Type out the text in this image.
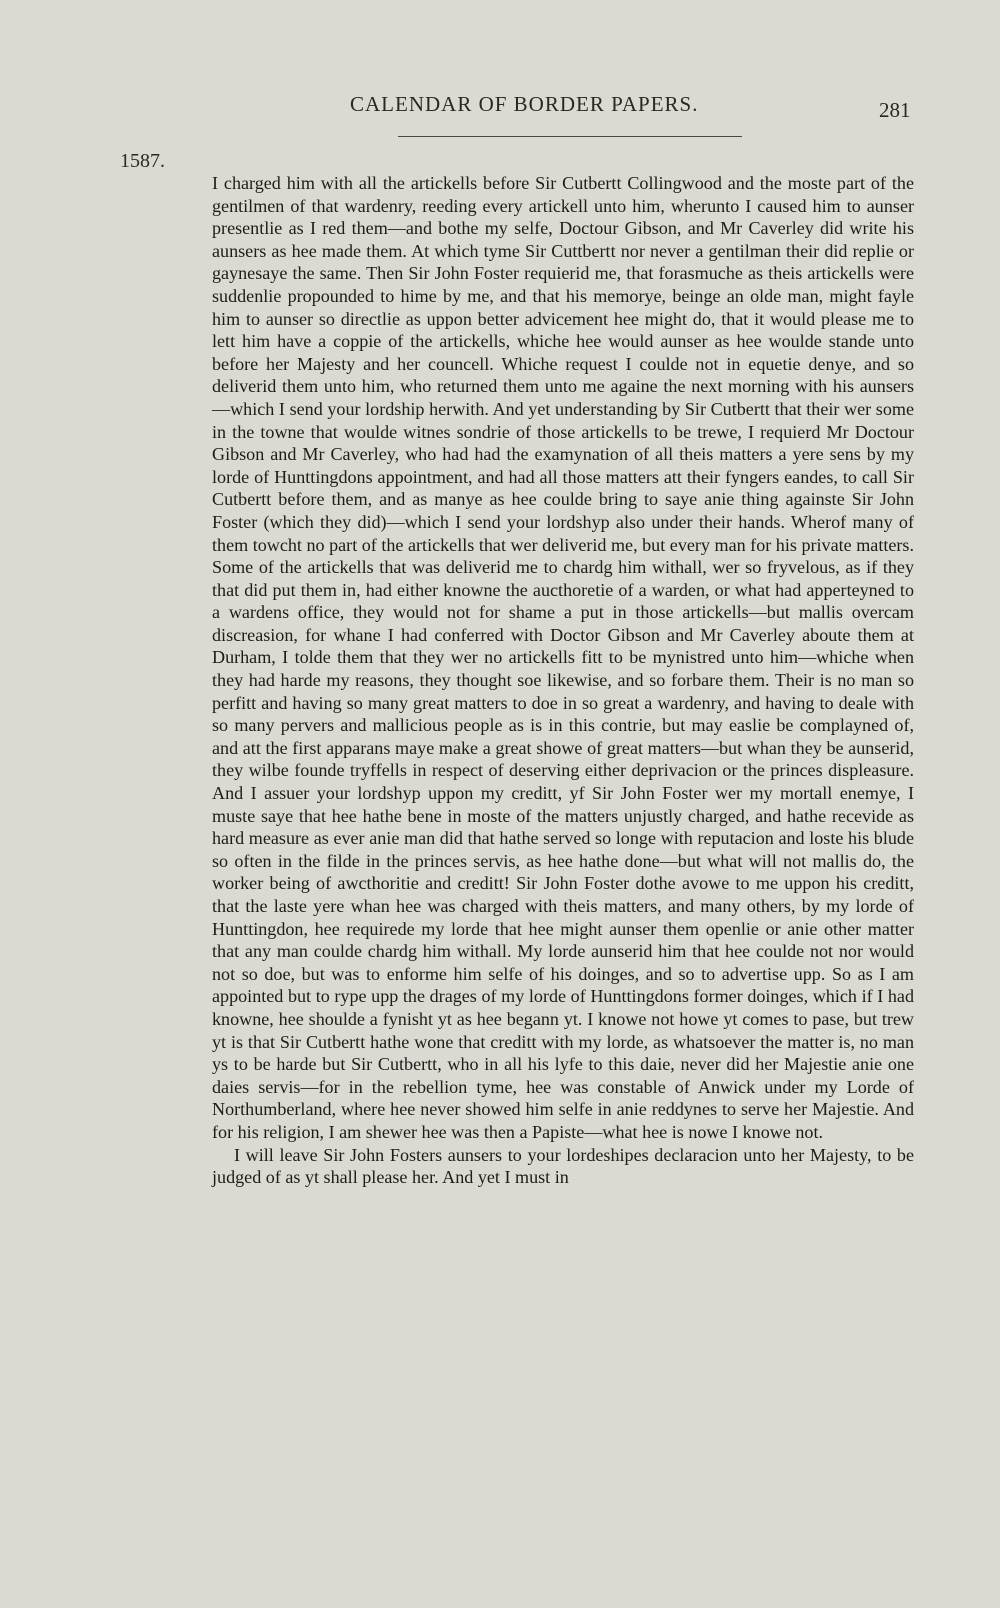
CALENDAR OF BORDER PAPERS.	281
1587.

I charged him with all the artickells before Sir Cutbertt Collingwood and the moste part of the gentilmen of that wardenry, reeding every artickell unto him, wherunto I caused him to aunser presentlie as I red them—and bothe my selfe, Doctour Gibson, and Mr Caverley did write his aunsers as hee made them. At which tyme Sir Cuttbertt nor never a gentilman their did replie or gaynesaye the same. Then Sir John Foster requierid me, that forasmuche as theis artickells were suddenlie propounded to hime by me, and that his memorye, beinge an olde man, might fayle him to aunser so directlie as uppon better advicement hee might do, that it would please me to lett him have a coppie of the artickells, whiche hee would aunser as hee woulde stande unto before her Majesty and her councell. Whiche request I coulde not in equetie denye, and so deliverid them unto him, who returned them unto me againe the next morning with his aunsers—which I send your lordship herwith. And yet understanding by Sir Cutbertt that their wer some in the towne that woulde witnes sondrie of those artickells to be trewe, I requierd Mr Doctour Gibson and Mr Caverley, who had had the examynation of all theis matters a yere sens by my lorde of Hunttingdons appointment, and had all those matters att their fyngers eandes, to call Sir Cutbertt before them, and as manye as hee coulde bring to saye anie thing againste Sir John Foster (which they did)—which I send your lordshyp also under their hands. Wherof many of them towcht no part of the artickells that wer deliverid me, but every man for his private matters. Some of the artickells that was deliverid me to chardg him withall, wer so fryvelous, as if they that did put them in, had either knowne the aucthoretie of a warden, or what had apperteyned to a wardens office, they would not for shame a put in those artickells—but mallis overcam discreasion, for whane I had conferred with Doctor Gibson and Mr Caverley aboute them at Durham, I tolde them that they wer no artickells fitt to be mynistred unto him—whiche when they had harde my reasons, they thought soe likewise, and so forbare them. Their is no man so perfitt and having so many great matters to doe in so great a wardenry, and having to deale with so many pervers and mallicious people as is in this contrie, but may easlie be complayned of, and att the first apparans maye make a great showe of great matters—but whan they be aunserid, they wilbe founde tryffells in respect of deserving either deprivacion or the princes displeasure. And I assuer your lordshyp uppon my creditt, yf Sir John Foster wer my mortall enemye, I muste saye that hee hathe bene in moste of the matters unjustly charged, and hathe recevide as hard measure as ever anie man did that hathe served so longe with reputacion and loste his blude so often in the filde in the princes servis, as hee hathe done—but what will not mallis do, the worker being of awcthoritie and creditt! Sir John Foster dothe avowe to me uppon his creditt, that the laste yere whan hee was charged with theis matters, and many others, by my lorde of Hunttingdon, hee requirede my lorde that hee might aunser them openlie or anie other matter that any man coulde chardg him withall. My lorde aunserid him that hee coulde not nor would not so doe, but was to enforme him selfe of his doinges, and so to advertise upp. So as I am appointed but to rype upp the drages of my lorde of Hunttingdons former doinges, which if I had knowne, hee shoulde a fynisht yt as hee begann yt. I knowe not howe yt comes to pase, but trew yt is that Sir Cutbertt hathe wone that creditt with my lorde, as whatsoever the matter is, no man ys to be harde but Sir Cutbertt, who in all his lyfe to this daie, never did her Majestie anie one daies servis—for in the rebellion tyme, hee was constable of Anwick under my Lorde of Northumberland, where hee never showed him selfe in anie reddynes to serve her Majestie. And for his religion, I am shewer hee was then a Papiste—what hee is nowe I knowe not.

I will leave Sir John Fosters aunsers to your lordeshipes declaracion unto her Majesty, to be judged of as yt shall please her. And yet I must in
